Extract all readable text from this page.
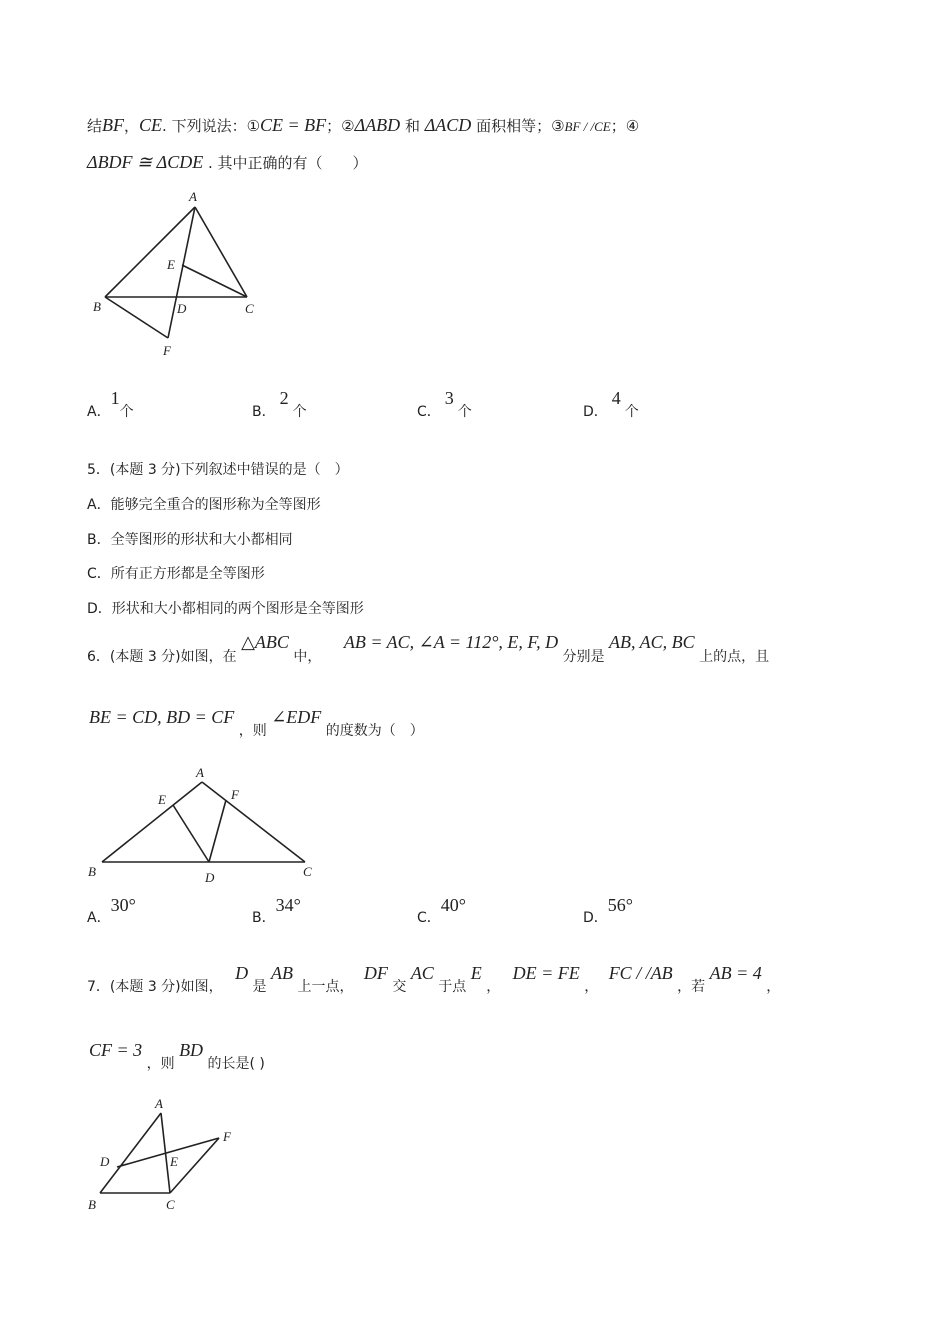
结BF，CE. 下列说法：①CE = BF；②ΔABD 和 ΔACD 面积相等；③BF / /CE；④
ΔBDF ≅ ΔCDE . 其中正确的有（　　）
A
B	C
D
E
F
A．1个	B．2个	C．3个	D．4个
5．(本题 3 分)下列叙述中错误的是（　）
A．能够完全重合的图形称为全等图形
B．全等图形的形状和大小都相同
C．所有正方形都是全等图形
D．形状和大小都相同的两个图形是全等图形
6．(本题 3 分)如图，在 △ABC 中， AB = AC, ∠A = 112°, E, F, D 分别是 AB, AC, BC 上的点，且
BE = CD, BD = CF ，则 ∠EDF 的度数为（　）
A
B	C
D
E	F
A．30°
B．34°
C．40°
D．56°
7．(本题 3 分)如图， D 是 AB 上一点， DF 交 AC 于点 E ， DE = FE ， FC / /AB ，若 AB = 4 ，
CF = 3 ，则 BD 的长是( )
A
B	C
D	E
F
